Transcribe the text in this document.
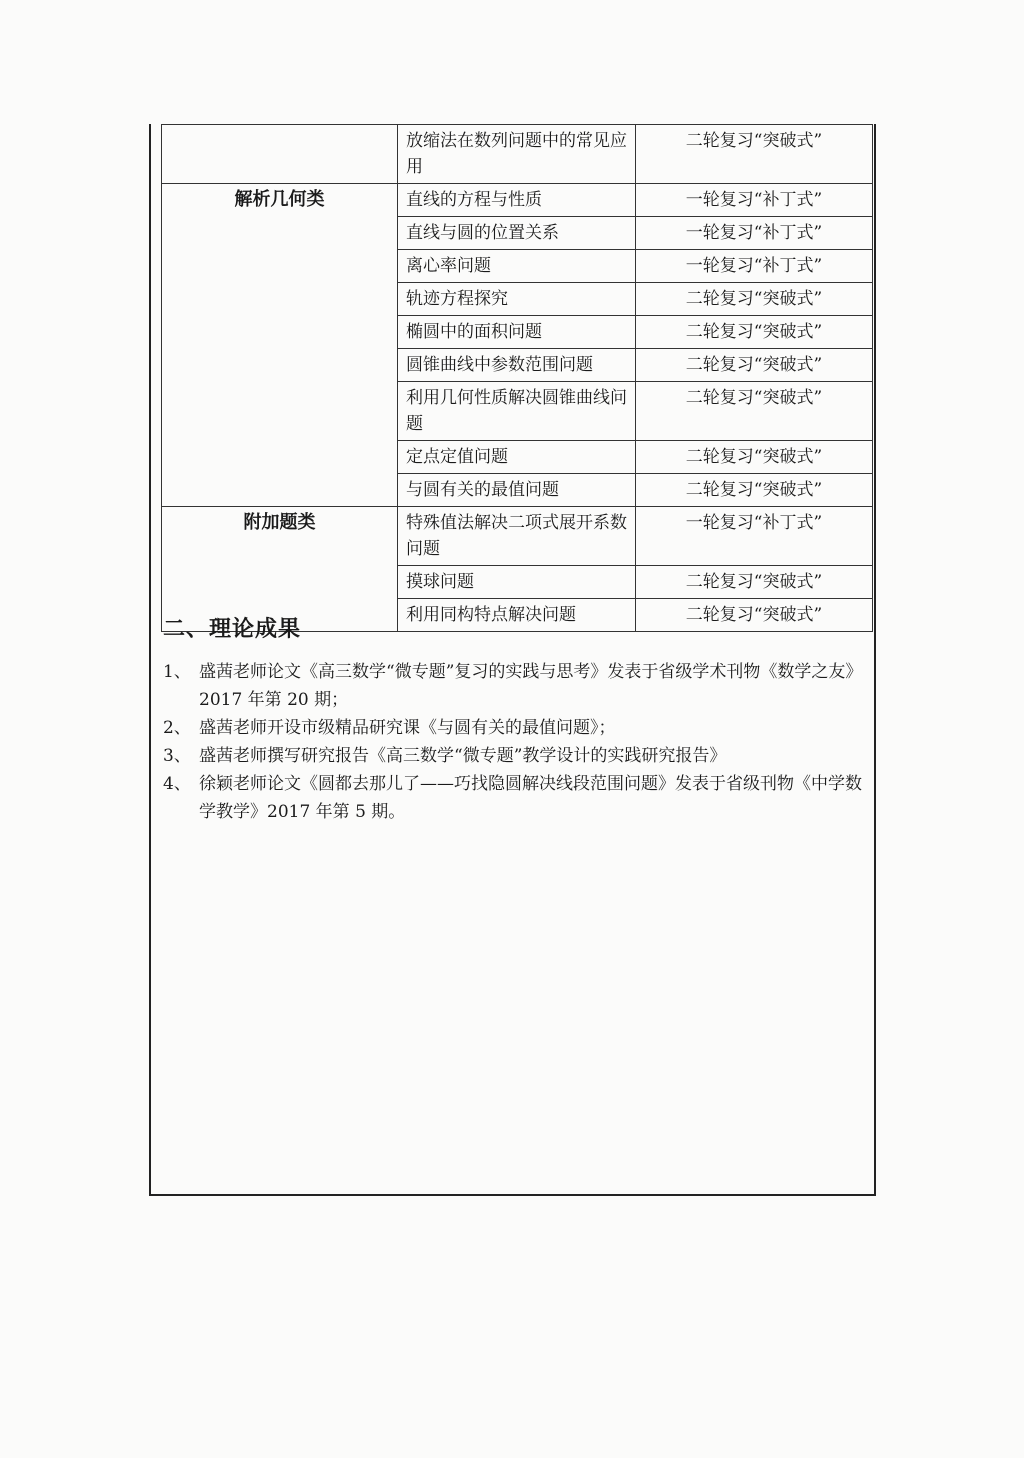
	放缩法在数列问题中的常见应用	二轮复习“突破式”
解析几何类	直线的方程与性质	一轮复习“补丁式”
	直线与圆的位置关系	一轮复习“补丁式”
	离心率问题	一轮复习“补丁式”
	轨迹方程探究	二轮复习“突破式”
	椭圆中的面积问题	二轮复习“突破式”
	圆锥曲线中参数范围问题	二轮复习“突破式”
	利用几何性质解决圆锥曲线问题	二轮复习“突破式”
	定点定值问题	二轮复习“突破式”
	与圆有关的最值问题	二轮复习“突破式”
附加题类	特殊值法解决二项式展开系数问题	一轮复习“补丁式”
	摸球问题	二轮复习“突破式”
	利用同构特点解决问题	二轮复习“突破式”
二、理论成果
1、 盛茜老师论文《高三数学“微专题”复习的实践与思考》发表于省级学术刊物《数学之友》2017 年第 20 期；
2、 盛茜老师开设市级精品研究课《与圆有关的最值问题》；
3、 盛茜老师撰写研究报告《高三数学“微专题”教学设计的实践研究报告》
4、 徐颖老师论文《圆都去那儿了——巧找隐圆解决线段范围问题》发表于省级刊物《中学数学教学》2017 年第 5 期。
